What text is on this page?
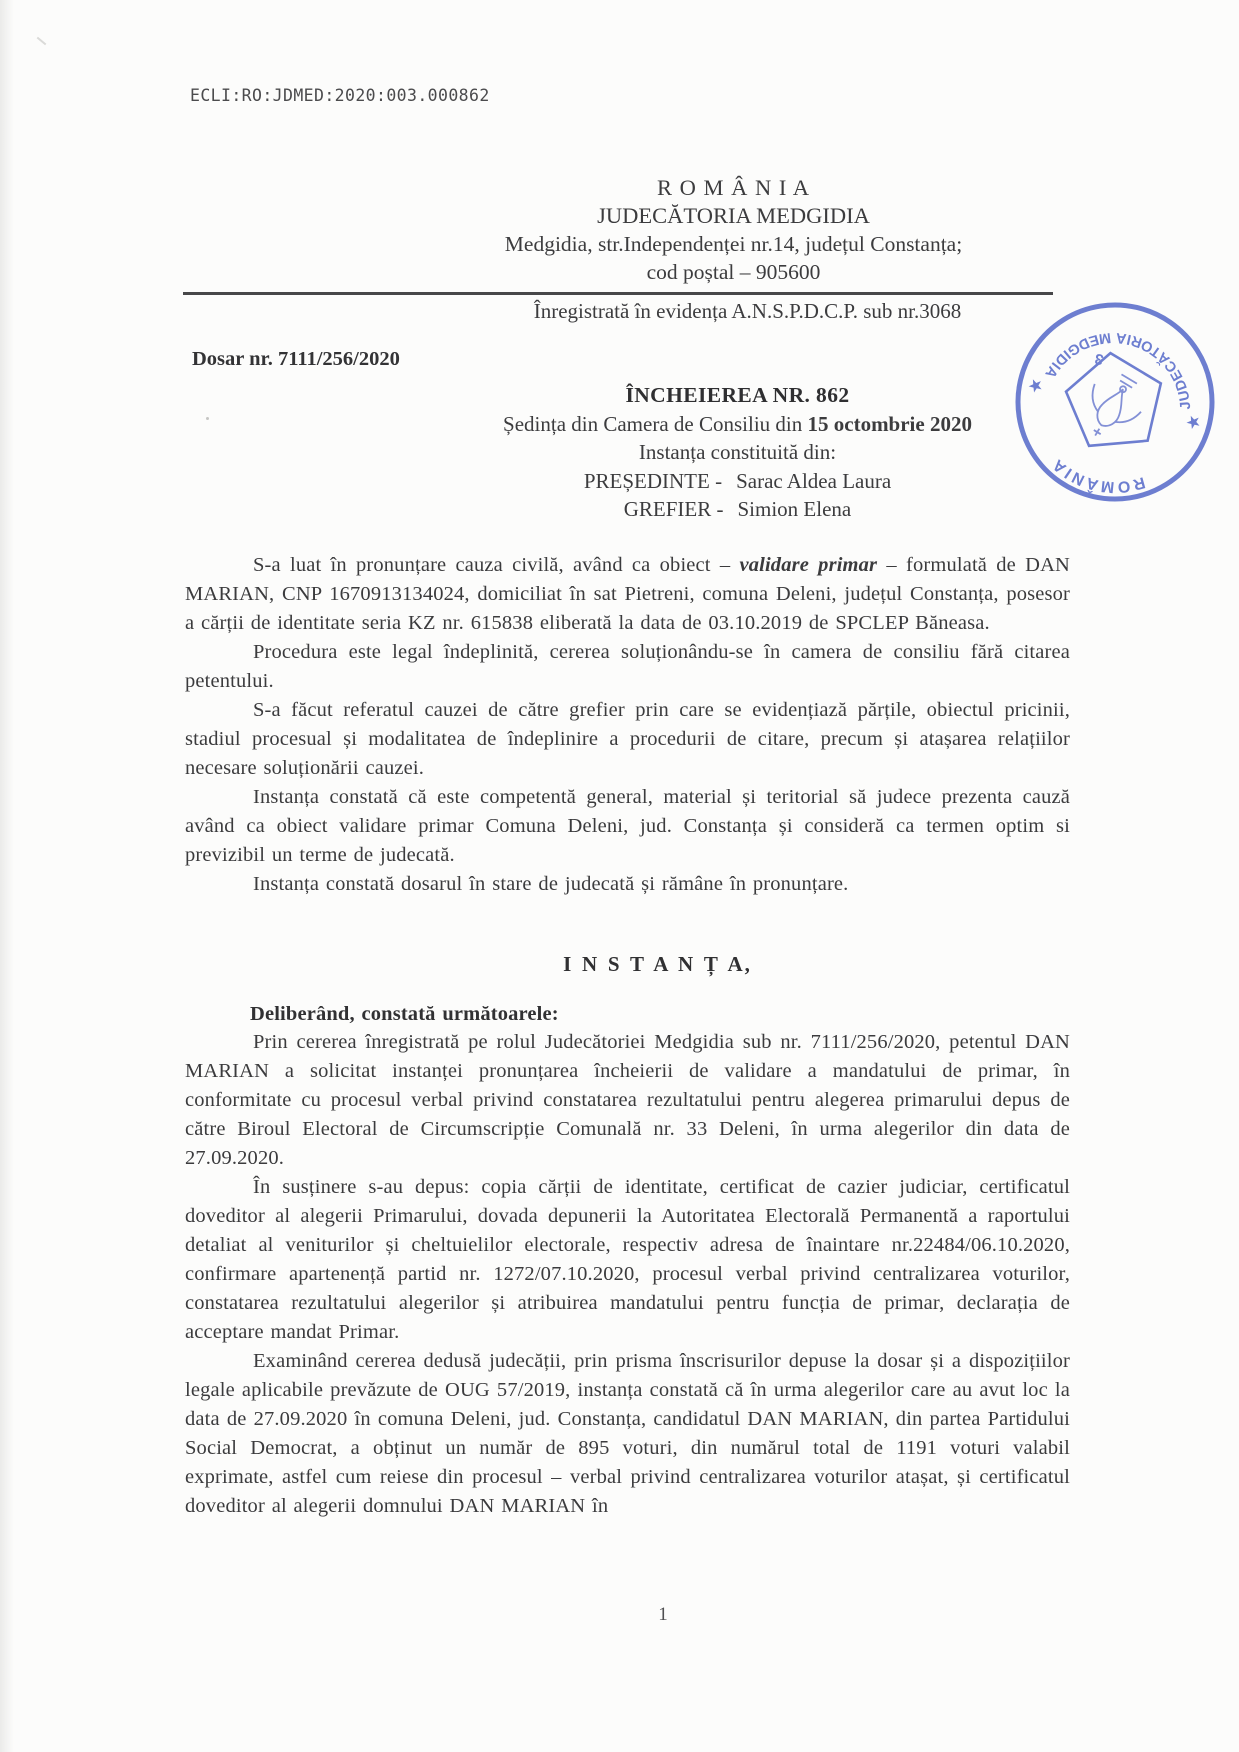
ECLI:RO:JDMED:2020:003.000862
R O M Â N I A
JUDECĂTORIA MEDGIDIA
Medgidia, str.Independenței nr.14, județul Constanța;
cod poștal – 905600
Înregistrată în evidența A.N.S.P.D.C.P. sub nr.3068
Dosar nr. 7111/256/2020
ÎNCHEIEREA NR. 862
Ședința din Camera de Consiliu din 15 octombrie 2020
Instanța constituită din:
PREȘEDINTE - Sarac Aldea Laura
GREFIER - Simion Elena
ROMÂNIA
JUDECĂTORIA MEDGIDIA
3

S-a luat în pronunțare cauza civilă, având ca obiect – validare primar – formulată de DAN MARIAN, CNP 1670913134024, domiciliat în sat Pietreni, comuna Deleni, județul Constanța, posesor a cărții de identitate seria KZ nr. 615838 eliberată la data de 03.10.2019 de SPCLEP Băneasa.

Procedura este legal îndeplinită, cererea soluționându-se în camera de consiliu fără citarea petentului.

S-a făcut referatul cauzei de către grefier prin care se evidențiază părțile, obiectul pricinii, stadiul procesual și modalitatea de îndeplinire a procedurii de citare, precum și atașarea relațiilor necesare soluționării cauzei.

Instanța constată că este competentă general, material și teritorial să judece prezenta cauză având ca obiect validare primar Comuna Deleni, jud. Constanța și consideră ca termen optim si previzibil un terme de judecată.

Instanța constată dosarul în stare de judecată și rămâne în pronunțare.

I N S T A N Ț A,
Deliberând, constată următoarele:

Prin cererea înregistrată pe rolul Judecătoriei Medgidia sub nr. 7111/256/2020, petentul DAN MARIAN a solicitat instanței pronunțarea încheierii de validare a mandatului de primar, în conformitate cu procesul verbal privind constatarea rezultatului pentru alegerea primarului depus de către Biroul Electoral de Circumscripție Comunală nr. 33 Deleni, în urma alegerilor din data de 27.09.2020.

În susținere s-au depus: copia cărții de identitate, certificat de cazier judiciar, certificatul doveditor al alegerii Primarului, dovada depunerii la Autoritatea Electorală Permanentă a raportului detaliat al veniturilor și cheltuielilor electorale, respectiv adresa de înaintare nr.22484/06.10.2020, confirmare apartenență partid nr. 1272/07.10.2020, procesul verbal privind centralizarea voturilor, constatarea rezultatului alegerilor și atribuirea mandatului pentru funcția de primar, declarația de acceptare mandat Primar.

Examinând cererea dedusă judecății, prin prisma înscrisurilor depuse la dosar și a dispozițiilor legale aplicabile prevăzute de OUG 57/2019, instanța constată că în urma alegerilor care au avut loc la data de 27.09.2020 în comuna Deleni, jud. Constanța, candidatul DAN MARIAN, din partea Partidului Social Democrat, a obținut un număr de 895 voturi, din numărul total de 1191 voturi valabil exprimate, astfel cum reiese din procesul – verbal privind centralizarea voturilor atașat, și certificatul doveditor al alegerii domnului DAN MARIAN în

1
